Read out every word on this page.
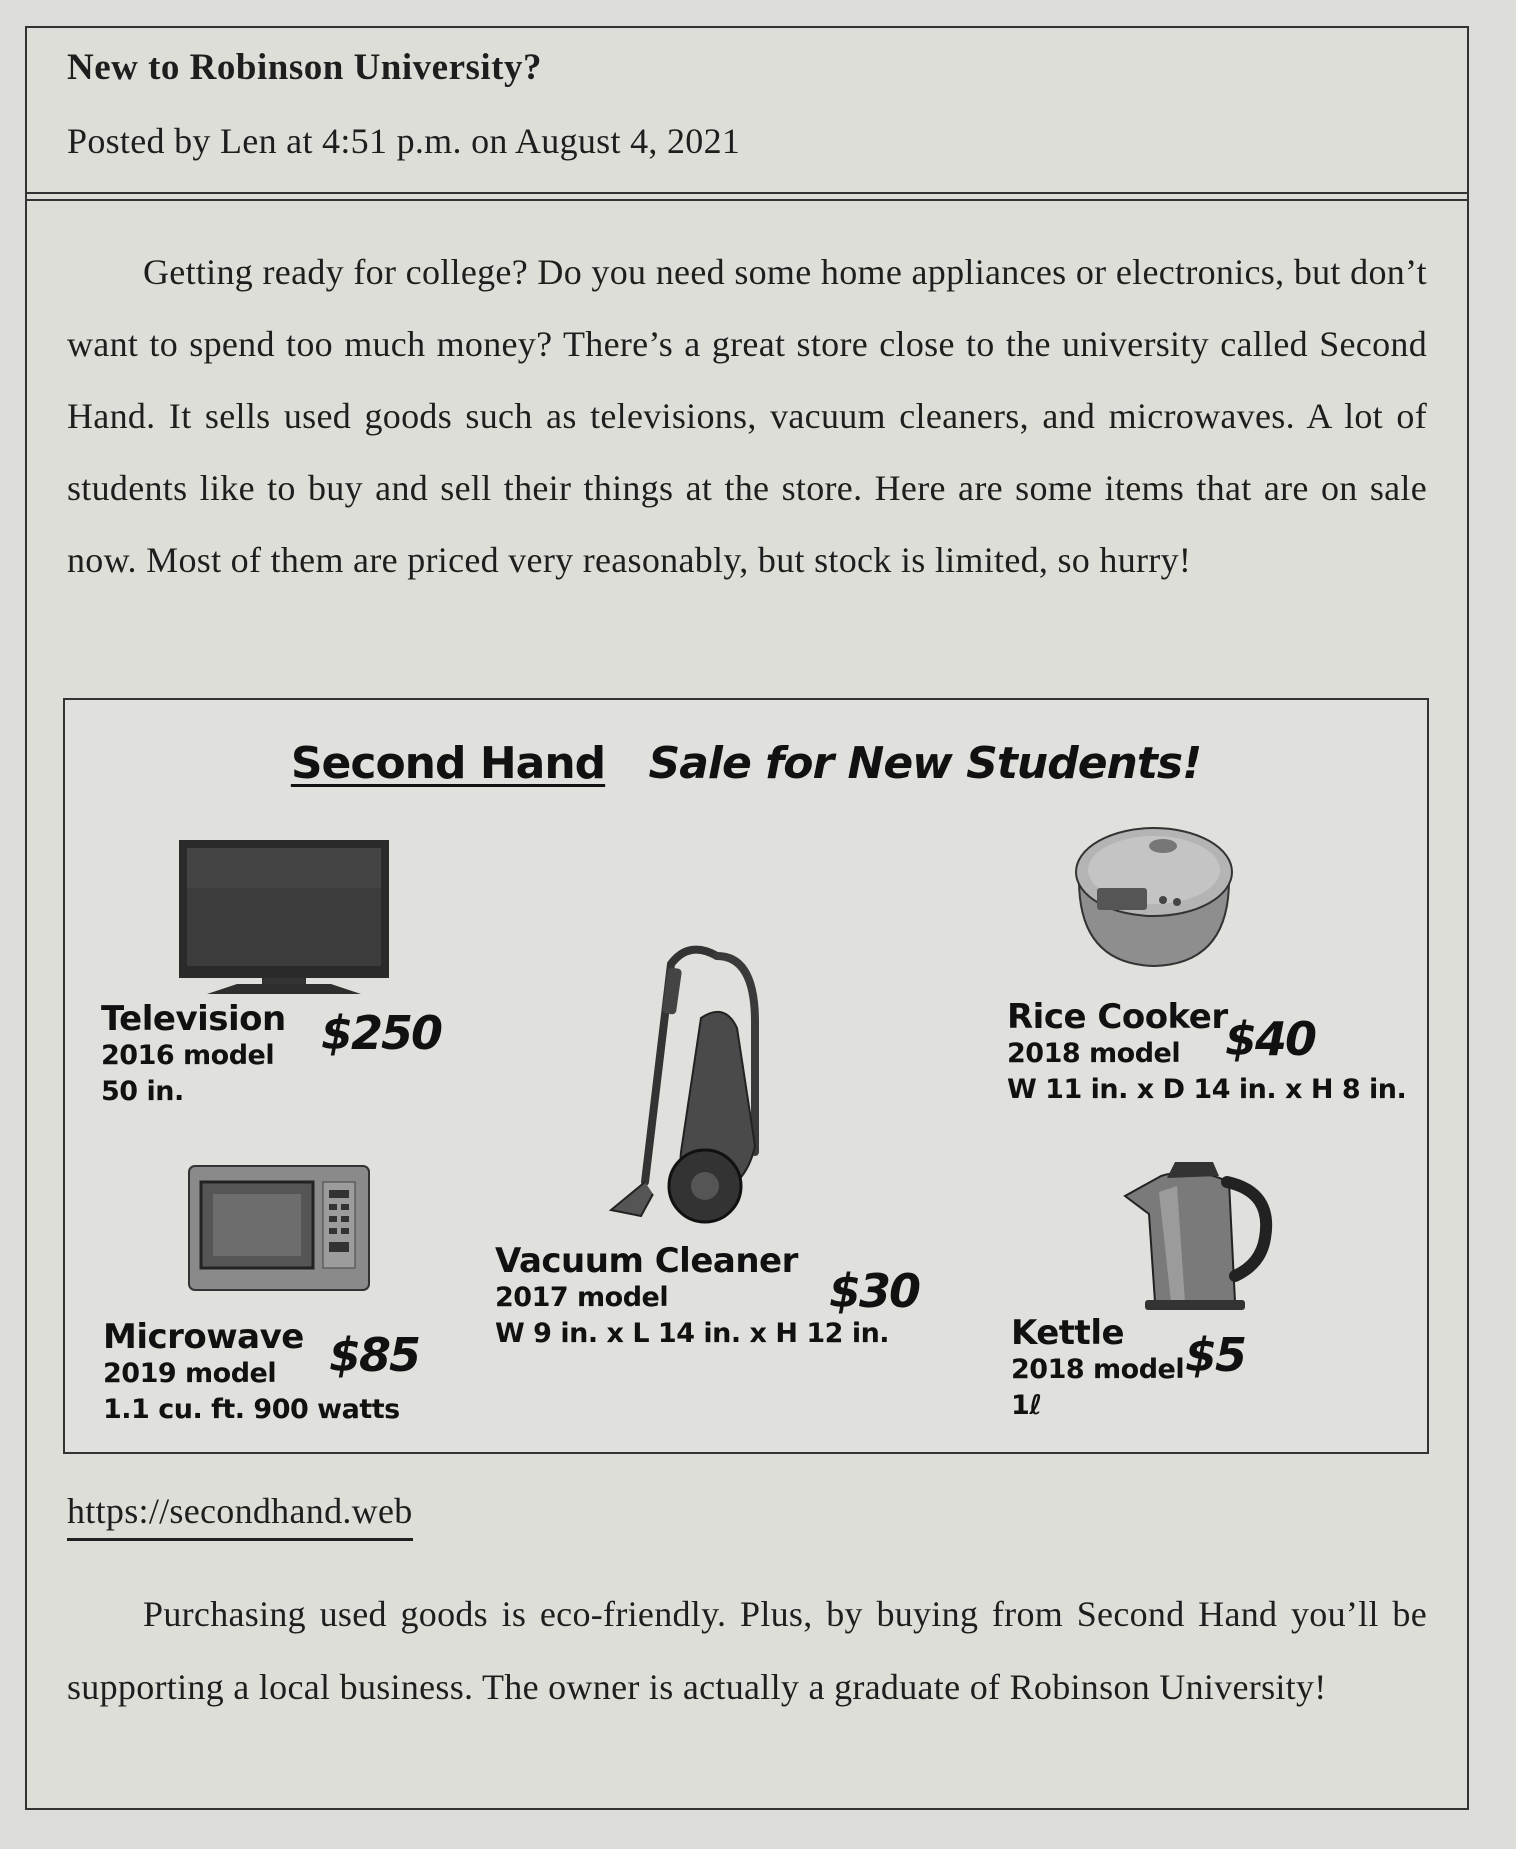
New to Robinson University?
Posted by Len at 4:51 p.m. on August 4, 2021

Getting ready for college? Do you need some home appliances or electronics, but don’t want to spend too much money? There’s a great store close to the university called Second Hand. It sells used goods such as televisions, vacuum cleaners, and microwaves. A lot of students like to buy and sell their things at the store. Here are some items that are on sale now. Most of them are priced very reasonably, but stock is limited, so hurry!

Second Hand Sale for New Students!
Television
2016 model
50 in.
$250
Microwave
2019 model
1.1 cu. ft. 900 watts
$85
Vacuum Cleaner
2017 model
W 9 in. x L 14 in. x H 12 in.
$30
Rice Cooker
2018 model
W 11 in. x D 14 in. x H 8 in.
$40
Kettle
2018 model
1ℓ
$5
https://secondhand.web

Purchasing used goods is eco-friendly. Plus, by buying from Second Hand you’ll be supporting a local business. The owner is actually a graduate of Robinson University!
